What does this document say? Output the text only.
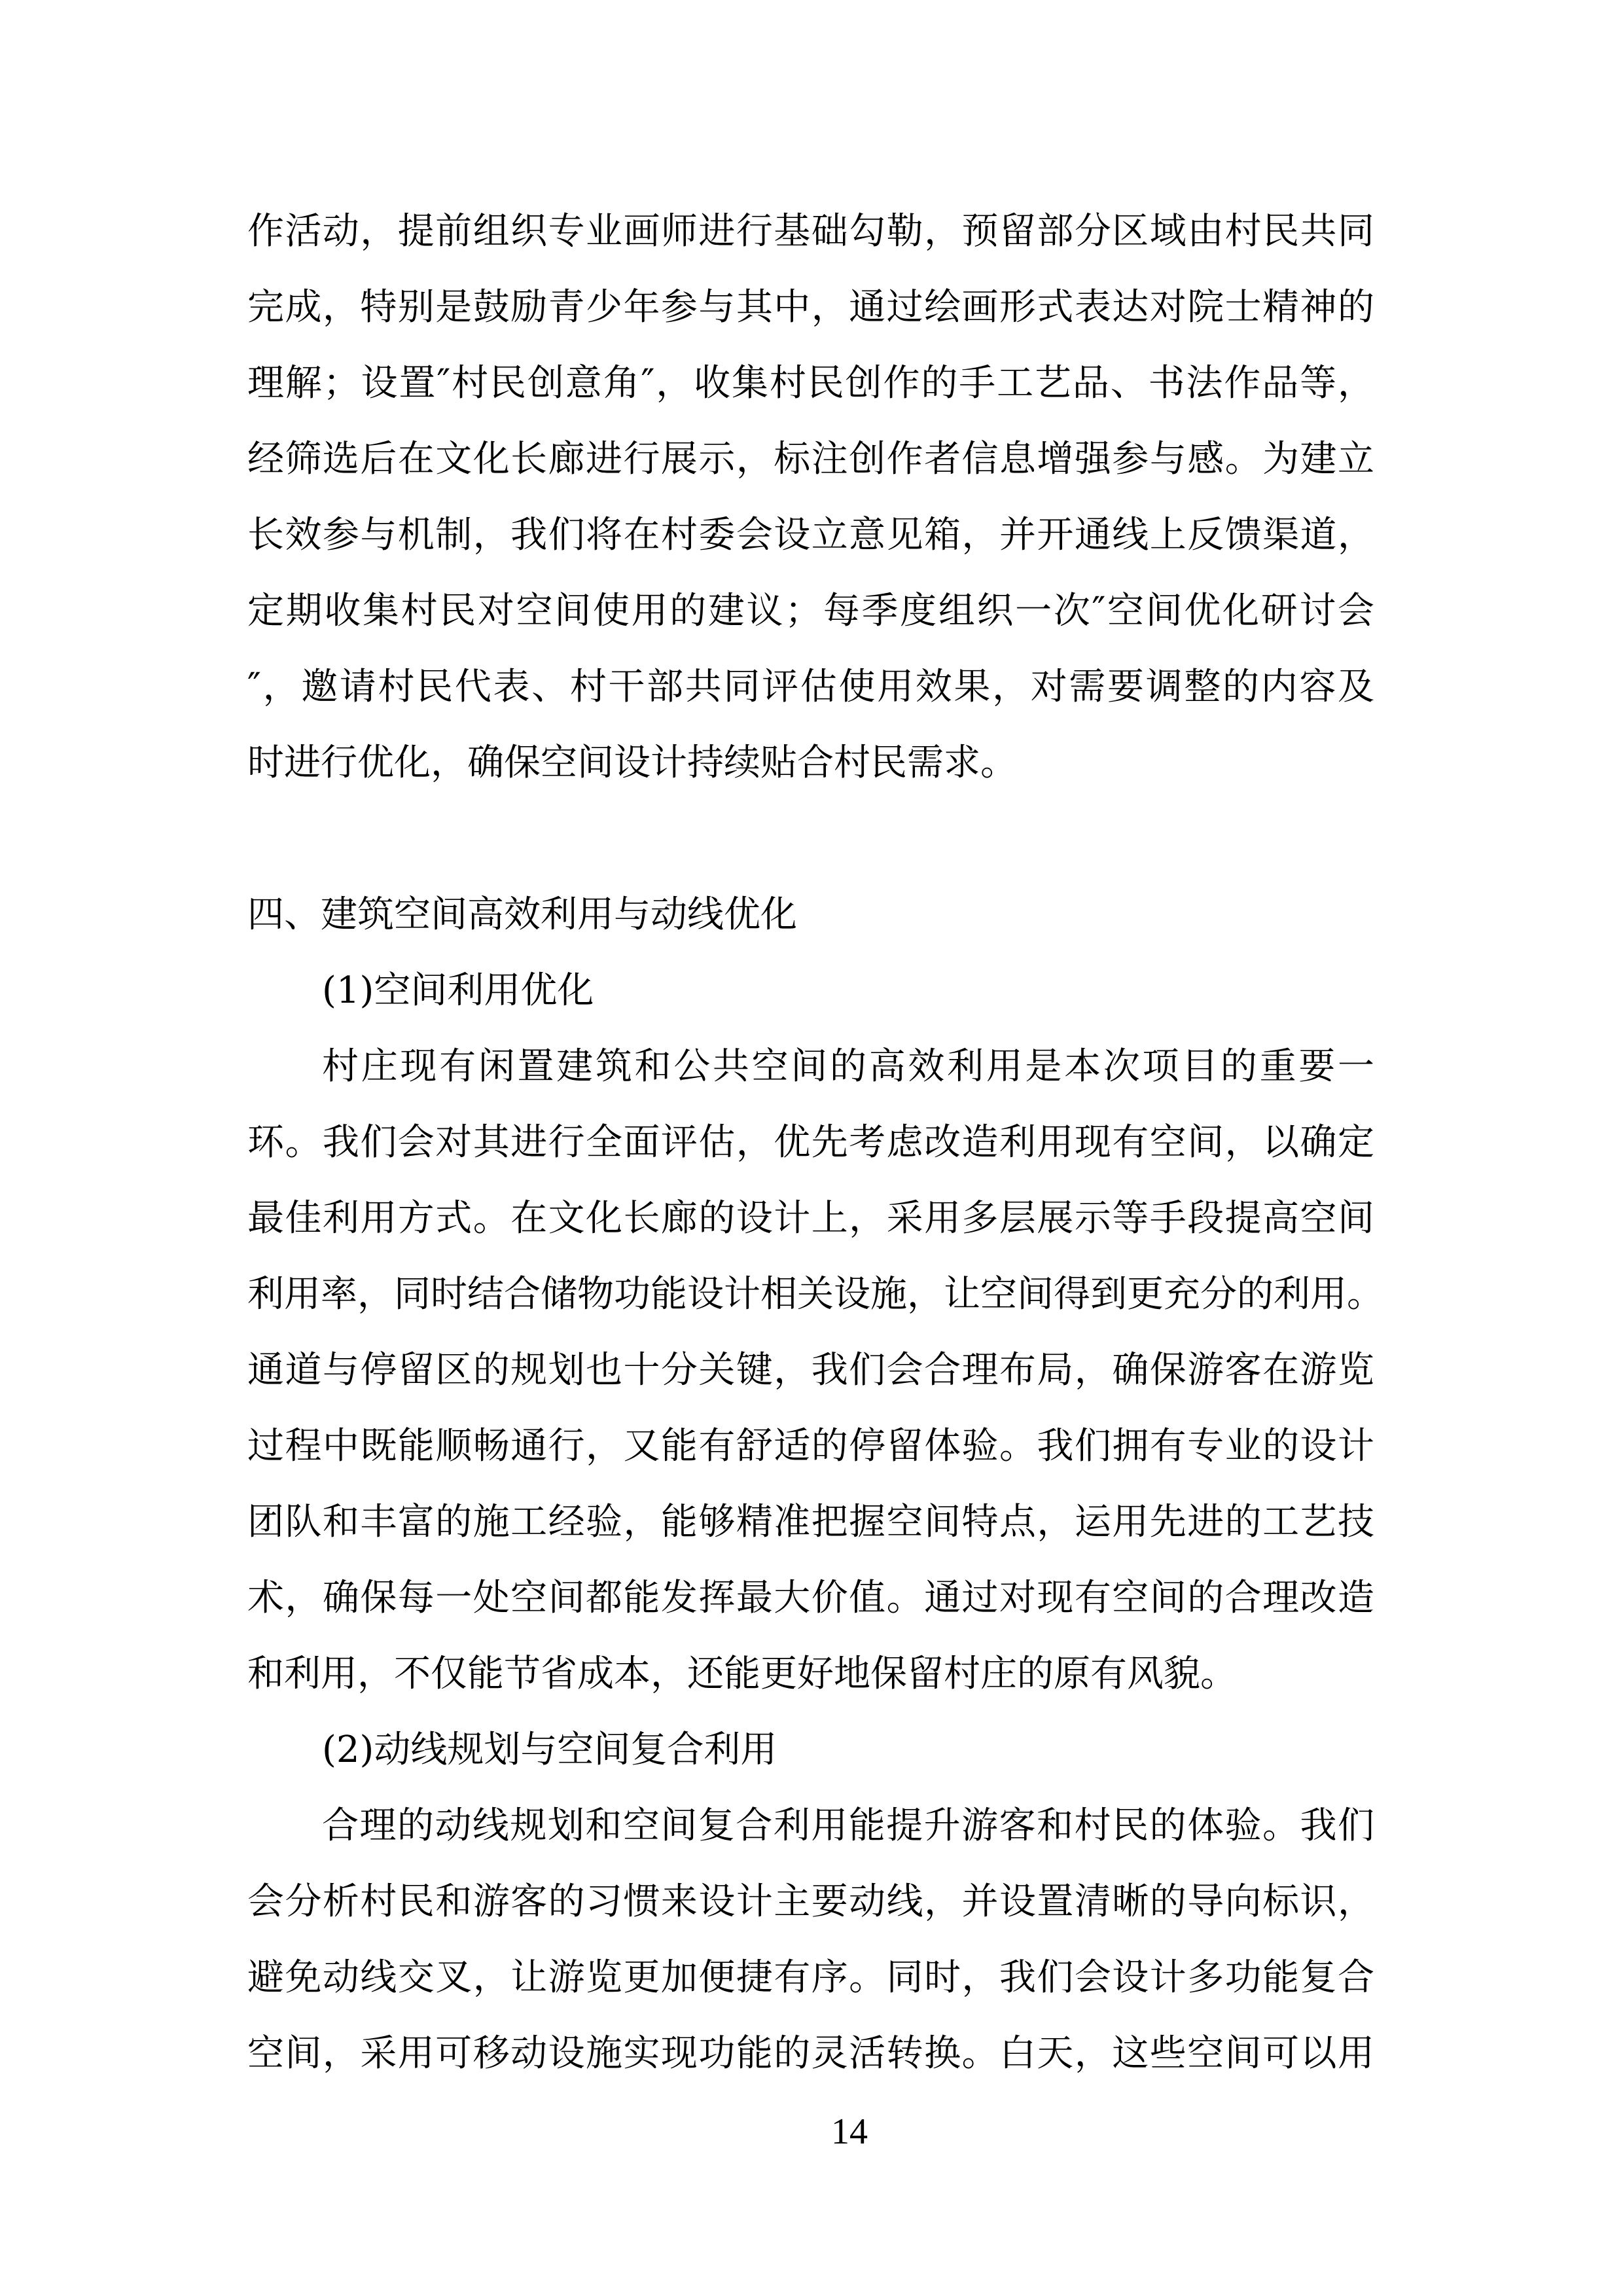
作活动，提前组织专业画师进行基础勾勒，预留部分区域由村民共同
完成，特别是鼓励青少年参与其中，通过绘画形式表达对院士精神的
理解；设置″村民创意角″，收集村民创作的手工艺品、书法作品等，
经筛选后在文化长廊进行展示，标注创作者信息增强参与感。为建立
长效参与机制，我们将在村委会设立意见箱，并开通线上反馈渠道，
定期收集村民对空间使用的建议；每季度组织一次″空间优化研讨会
″，邀请村民代表、村干部共同评估使用效果，对需要调整的内容及
时进行优化，确保空间设计持续贴合村民需求。
四、建筑空间高效利用与动线优化
(1)空间利用优化
村庄现有闲置建筑和公共空间的高效利用是本次项目的重要一
环。我们会对其进行全面评估，优先考虑改造利用现有空间，以确定
最佳利用方式。在文化长廊的设计上，采用多层展示等手段提高空间
利用率，同时结合储物功能设计相关设施，让空间得到更充分的利用。
通道与停留区的规划也十分关键，我们会合理布局，确保游客在游览
过程中既能顺畅通行，又能有舒适的停留体验。我们拥有专业的设计
团队和丰富的施工经验，能够精准把握空间特点，运用先进的工艺技
术，确保每一处空间都能发挥最大价值。通过对现有空间的合理改造
和利用，不仅能节省成本，还能更好地保留村庄的原有风貌。
(2)动线规划与空间复合利用
合理的动线规划和空间复合利用能提升游客和村民的体验。我们
会分析村民和游客的习惯来设计主要动线，并设置清晰的导向标识，
避免动线交叉，让游览更加便捷有序。同时，我们会设计多功能复合
空间，采用可移动设施实现功能的灵活转换。白天，这些空间可以用
14
